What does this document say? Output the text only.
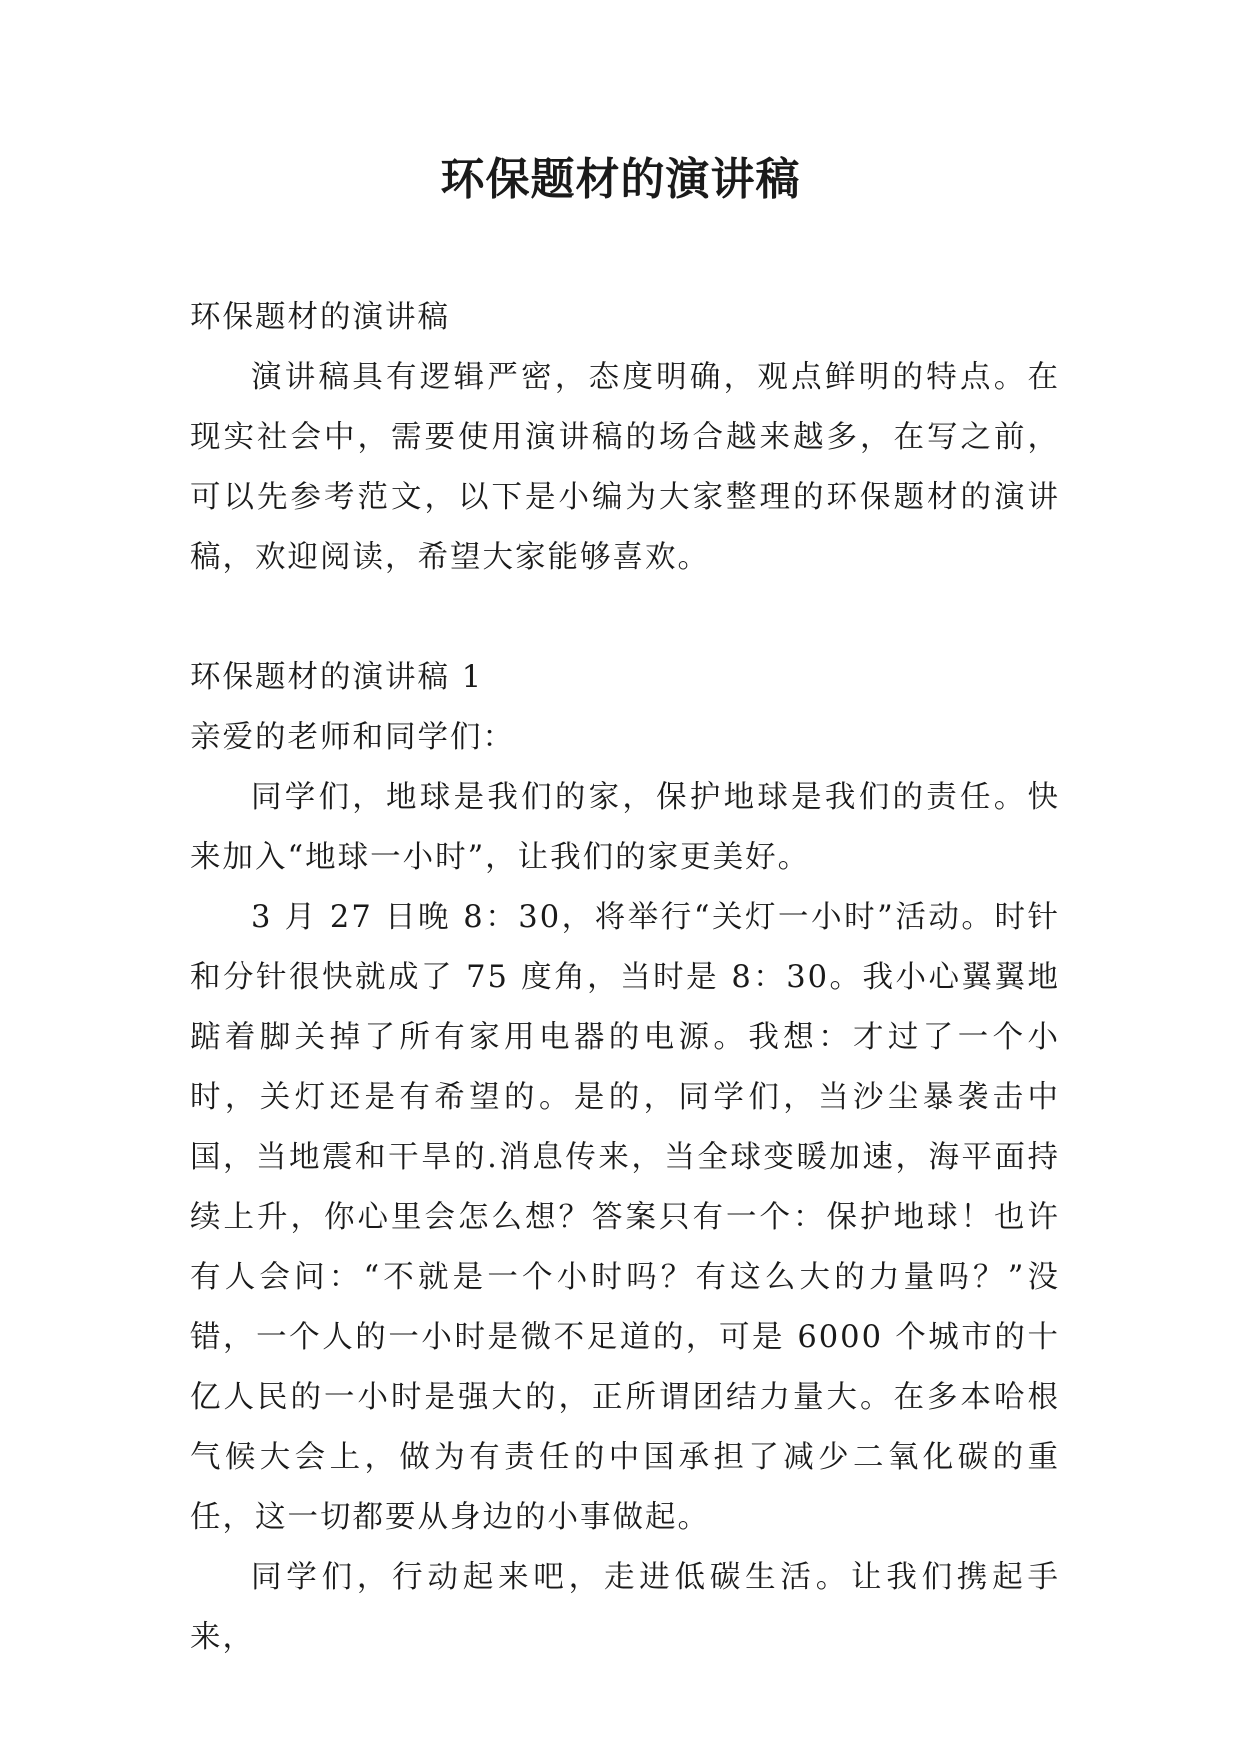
环保题材的演讲稿

环保题材的演讲稿

演讲稿具有逻辑严密，态度明确，观点鲜明的特点。在现实社会中，需要使用演讲稿的场合越来越多，在写之前，可以先参考范文，以下是小编为大家整理的环保题材的演讲稿，欢迎阅读，希望大家能够喜欢。

环保题材的演讲稿 1

亲爱的老师和同学们：

同学们，地球是我们的家，保护地球是我们的责任。快来加入“地球一小时”，让我们的家更美好。

3 月 27 日晚 8：30，将举行“关灯一小时”活动。时针和分针很快就成了 75 度角，当时是 8：30。我小心翼翼地踮着脚关掉了所有家用电器的电源。我想：才过了一个小时，关灯还是有希望的。是的，同学们，当沙尘暴袭击中国，当地震和干旱的.消息传来，当全球变暖加速，海平面持续上升，你心里会怎么想？答案只有一个：保护地球！也许有人会问：“不就是一个小时吗？有这么大的力量吗？”没错，一个人的一小时是微不足道的，可是 6000 个城市的十亿人民的一小时是强大的，正所谓团结力量大。在多本哈根气候大会上，做为有责任的中国承担了减少二氧化碳的重任，这一切都要从身边的小事做起。

同学们，行动起来吧，走进低碳生活。让我们携起手来，
